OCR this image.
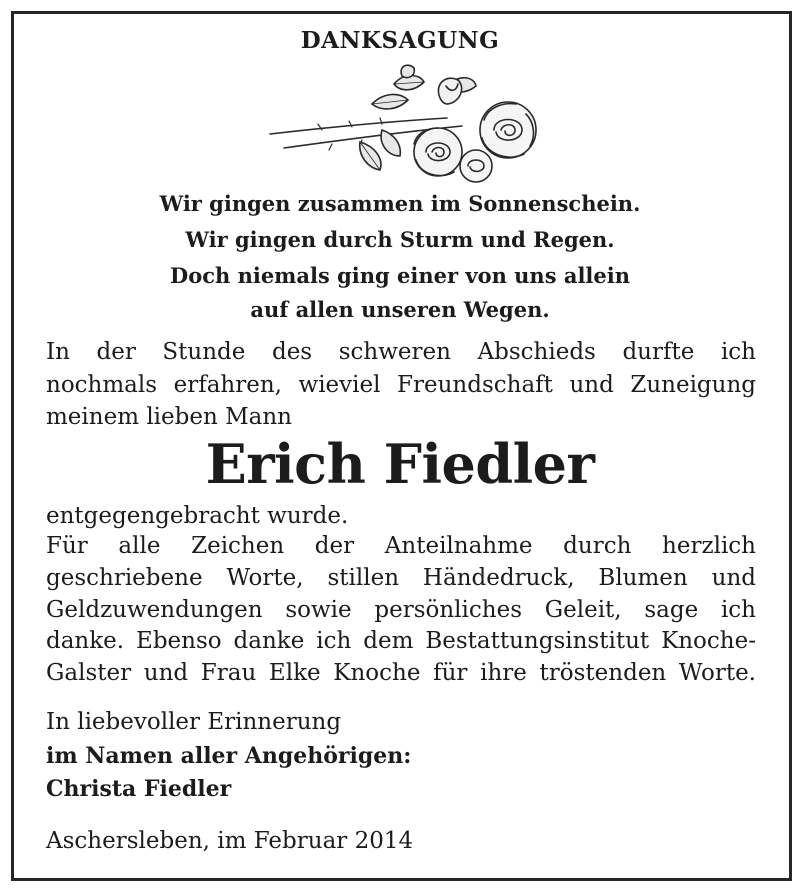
DANKSAGUNG

Wir gingen zusammen im Sonnenschein.

Wir gingen durch Sturm und Regen.

Doch niemals ging einer von uns allein

auf allen unseren Wegen.

In der Stunde des schweren Abschieds durfte ich

nochmals erfahren, wieviel Freundschaft und Zuneigung

meinem lieben Mann

Erich Fiedler

entgegengebracht wurde.

Für alle Zeichen der Anteilnahme durch herzlich

geschriebene Worte, stillen Händedruck, Blumen und

Geldzuwendungen sowie persönliches Geleit, sage ich

danke. Ebenso danke ich dem Bestattungsinstitut Knoche-

Galster und Frau Elke Knoche für ihre tröstenden Worte.

In liebevoller Erinnerung

im Namen aller Angehörigen:

Christa Fiedler

Aschersleben, im Februar 2014
